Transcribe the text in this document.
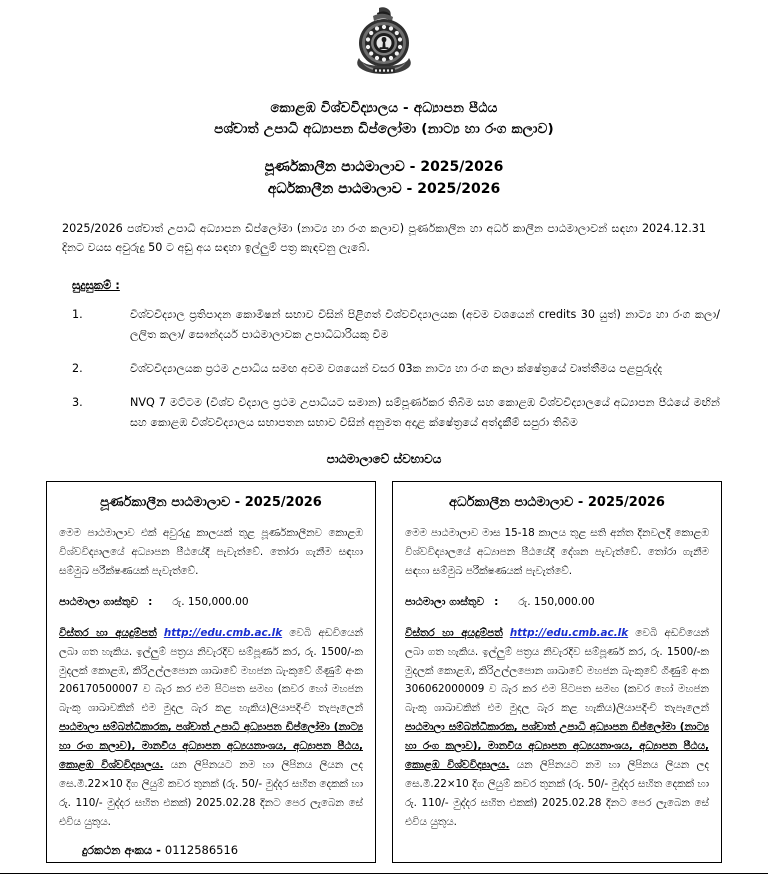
කොළඹ විශ්වවිද්‍යාලය - අධ්‍යාපන පීඨය
පශ්චාත් උපාධි අධ්‍යාපන ඩිප්ලෝමා (නාට්‍ය හා රංග කලාව)
පූර්ණකාලීන පාඨමාලාව - 2025/2026
අර්ධකාලීන පාඨමාලාව - 2025/2026
2025/2026 පශ්චාත් උපාධි අධ්‍යාපන ඩිප්ලෝමා (නාට්‍ය හා රංග කලාව) පූර්ණකාලීන හා අර්ධ කාලීන පාඨමාලාවන් සඳහා 2024.12.31 දිනට වයස අවුරුදු 50 ට අඩු අය සඳහා ඉල්ලුම් පත්‍ර කැඳවනු ලැබේ.
සුදුසුකම් :
1.	විශ්වවිද්‍යාල ප්‍රතිපාදන කොමිෂන් සභාව විසින් පිළිගත් විශ්වවිද්‍යාලයක (අවම වශයෙන් credits 30 යුත්) නාට්‍ය හා රංග කලා/ ලලිත කලා/ සෞන්දර්ය පාඨමාලාවක උපාධිධාරියකු වීම
2.	විශ්වවිද්‍යාලයක ප්‍රථම උපාධිය සමඟ අවම වශයෙන් වසර 03ක නාට්‍ය හා රංග කලා ක්ෂේත්‍රයේ වෘත්තීමය පළපුරුද්ද
3.	NVQ 7 මට්ටම (විශ්ව විද්‍යාල ප්‍රථම උපාධියට සමාන) සම්පූර්ණකර තිබීම සහ කොළඹ විශ්වවිද්‍යාලයේ අධ්‍යාපන පීඨයේ මඟින් සහ කොළඹ විශ්වවිද්‍යාලය සභාපතන සභාව විසින් අනුමත අදාළ ක්ෂේත්‍රයේ අත්දැකීම් සපුරා තිබීම
පාඨමාලාවේ ස්වභාවය
පූර්ණකාලීන පාඨමාලාව - 2025/2026
මෙම පාඨමාලාව එක් අවුරුදු කාලයක් තුළ පූර්ණකාලීනව කොළඹ විශ්වවිද්‍යාලයේ අධ්‍යාපන පීඨයේදී පැවැත්වේ. තෝරා ගැනීම සඳහා සම්මුඛ පරීක්ෂණයක් පැවැත්වේ.
පාඨමාලා ගාස්තුව : රු. 150,000.00
විස්තර හා අයදුම්පත් http://edu.cmb.ac.lk වෙබි අඩවියෙන් ලබා ගත හැකිය. ඉල්ලුම් පත්‍රය නිවැරදිව සම්පූර්ණ කර, රු. 1500/-ක මුදලක් කොළඹ, කිරිඋල්ලපොන ශාඛාවේ මහජන බැංකුවේ ගිණුම් අංක 206170500007 ව බැර කර එම පිටපත සමඟ (කවර හෝ මහජන බැංකු ශාඛාවකින් එම මුදල බැර කළ හැකිය)ලියාපදිංචි තැපෑලෙන් පාඨමාලා සම්බන්ධීකාරක, පශ්චාත් උපාධි අධ්‍යාපන ඩිප්ලෝමා (නාට්‍ය හා රංග කලාව), මානවීය අධ්‍යාපන අධ්‍යයනාංශය, අධ්‍යාපන පීඨය, කොළඹ විශ්වවිද්‍යාලය. යන ලිපිනයට නම හා ලිපිනය ලියන ලද සෙ.මී.22×10 දිග ලියුම් කවර තුනක් (රු. 50/- මුද්දර සහිත දෙකක් හා රු. 110/- මුද්දර සහිත එකක්) 2025.02.28 දිනට පෙර ලැබෙන සේ එවිය යුතුය.
අර්ධකාලීන පාඨමාලාව - 2025/2026
මෙම පාඨමාලාව මාස 15-18 කාලය තුළ සති අන්ත දිනවලදී කොළඹ විශ්වවිද්‍යාලයේ අධ්‍යාපන පීඨයේදී දේශන පැවැත්වේ. තෝරා ගැනීම සඳහා සම්මුඛ පරීක්ෂණයක් පැවැත්වේ.
පාඨමාලා ගාස්තුව : රු. 150,000.00
විස්තර හා අයදුම්පත් http://edu.cmb.ac.lk වෙබි අඩවියෙන් ලබා ගත හැකිය. ඉල්ලුම් පත්‍රය නිවැරදිව සම්පූර්ණ කර, රු. 1500/-ක මුදලක් කොළඹ, කිරිඋල්ලපොන ශාඛාවේ මහජන බැංකුවේ ගිණුම් අංක 306062000009 ව බැර කර එම පිටපත සමඟ (කවර හෝ මහජන බැංකු ශාඛාවකින් එම මුදල බැර කළ හැකිය)ලියාපදිංචි තැපෑලෙන් පාඨමාලා සම්බන්ධීකාරක, පශ්චාත් උපාධි අධ්‍යාපන ඩිප්ලෝමා (නාට්‍ය හා රංග කලාව), මානවීය අධ්‍යාපන අධ්‍යයනාංශය, අධ්‍යාපන පීඨය, කොළඹ විශ්වවිද්‍යාලය. යන ලිපිනයට නම හා ලිපිනය ලියන ලද සෙ.මී.22×10 දිග ලියුම් කවර තුනක් (රු. 50/- මුද්දර සහිත දෙකක් හා රු. 110/- මුද්දර සහිත එකක්) 2025.02.28 දිනට පෙර ලැබෙන සේ එවිය යුතුය.
දුරකථන අංකය - 0112586516
